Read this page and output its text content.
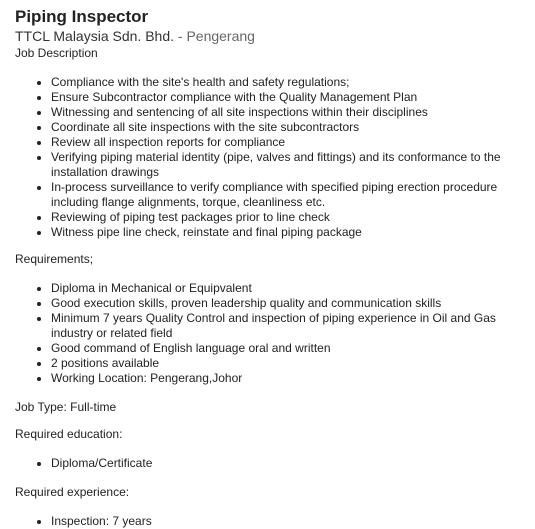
Piping Inspector

TTCL Malaysia Sdn. Bhd. - Pengerang

Job Description

• Compliance with the site's health and safety regulations;
• Ensure Subcontractor compliance with the Quality Management Plan
• Witnessing and sentencing of all site inspections within their disciplines
• Coordinate all site inspections with the site subcontractors
• Review all inspection reports for compliance
• Verifying piping material identity (pipe, valves and fittings) and its conformance to the installation drawings
• In-process surveillance to verify compliance with specified piping erection procedure including flange alignments, torque, cleanliness etc.
• Reviewing of piping test packages prior to line check
• Witness pipe line check, reinstate and final piping package

Requirements;

• Diploma in Mechanical or Equipvalent
• Good execution skills, proven leadership quality and communication skills
• Minimum 7 years Quality Control and inspection of piping experience in Oil and Gas industry or related field
• Good command of English language oral and written
• 2 positions available
• Working Location: Pengerang,Johor

Job Type: Full-time

Required education:

• Diploma/Certificate

Required experience:

• Inspection: 7 years
